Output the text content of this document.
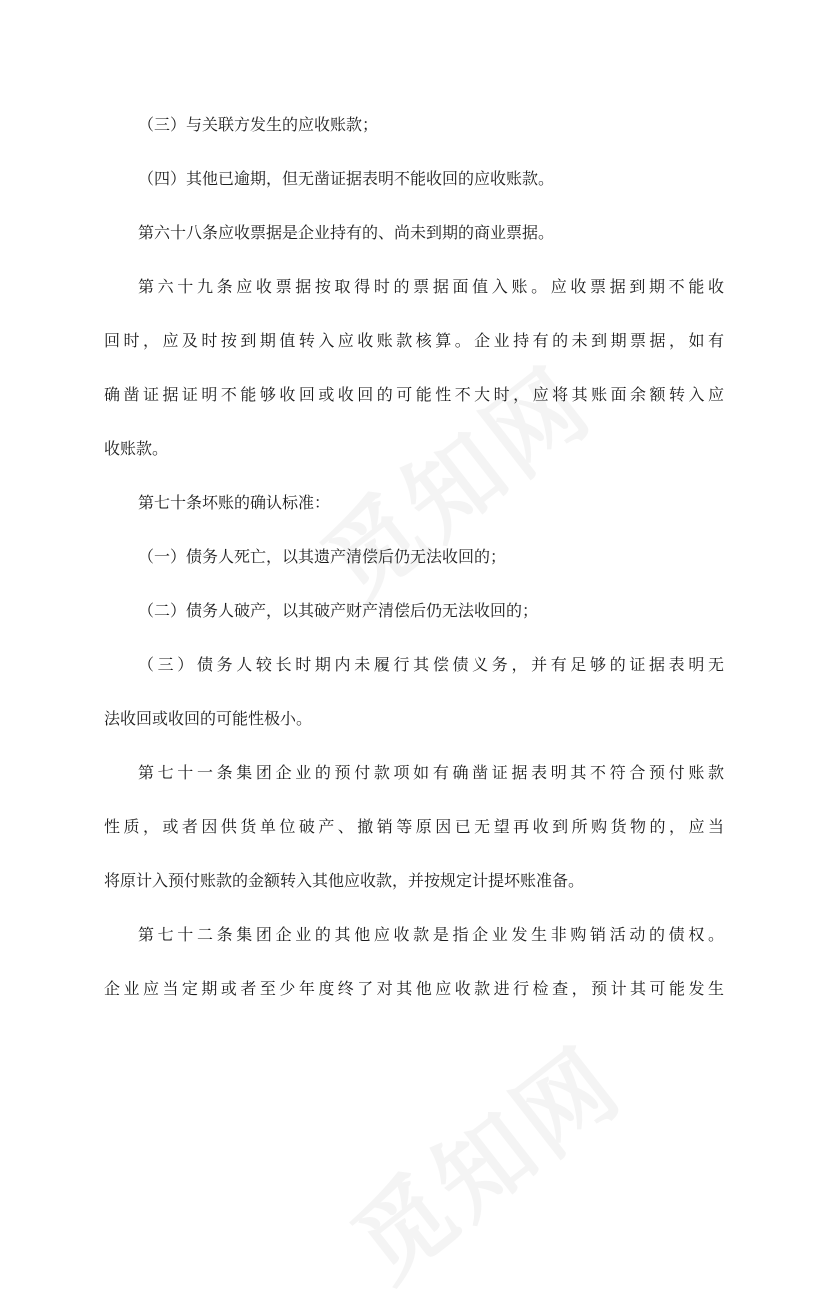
（三）与关联方发生的应收账款；
（四）其他已逾期，但无凿证据表明不能收回的应收账款。
第六十八条应收票据是企业持有的、尚未到期的商业票据。
第六十九条应收票据按取得时的票据面值入账。应收票据到期不能收
回时，应及时按到期值转入应收账款核算。企业持有的未到期票据，如有
确凿证据证明不能够收回或收回的可能性不大时，应将其账面余额转入应
收账款。
第七十条坏账的确认标准：
（一）债务人死亡，以其遗产清偿后仍无法收回的；
（二）债务人破产，以其破产财产清偿后仍无法收回的；
（三）债务人较长时期内未履行其偿债义务，并有足够的证据表明无
法收回或收回的可能性极小。
第七十一条集团企业的预付款项如有确凿证据表明其不符合预付账款
性质，或者因供货单位破产、撤销等原因已无望再收到所购货物的，应当
将原计入预付账款的金额转入其他应收款，并按规定计提坏账准备。
第七十二条集团企业的其他应收款是指企业发生非购销活动的债权。
企业应当定期或者至少年度终了对其他应收款进行检查，预计其可能发生
